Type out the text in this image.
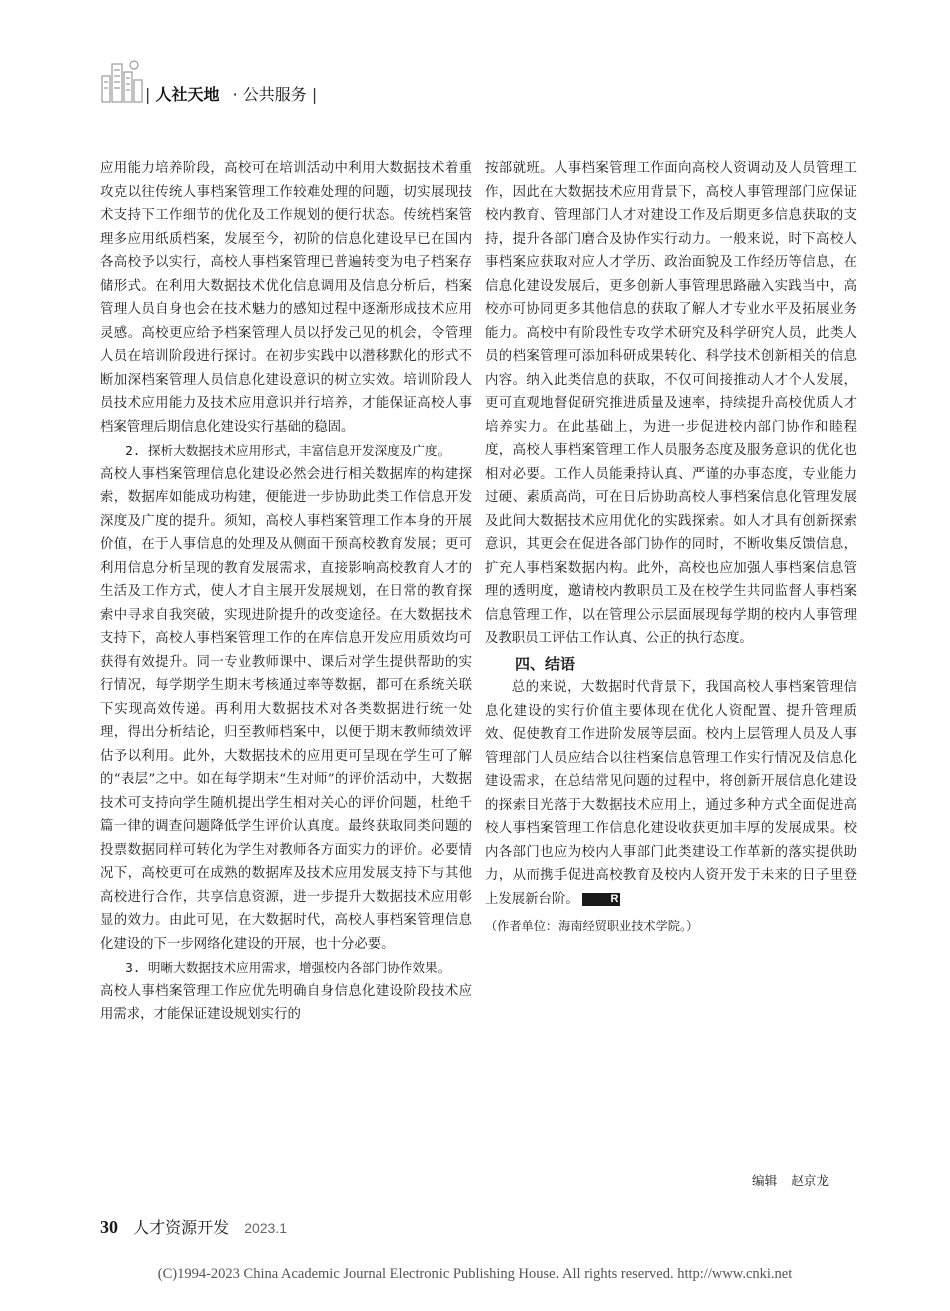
| 人社天地 · 公共服务 |

应用能力培养阶段，高校可在培训活动中利用大数据技术着重攻克以往传统人事档案管理工作较难处理的问题，切实展现技术支持下工作细节的优化及工作规划的便行状态。传统档案管理多应用纸质档案，发展至今，初阶的信息化建设早已在国内各高校予以实行，高校人事档案管理已普遍转变为电子档案存储形式。在利用大数据技术优化信息调用及信息分析后，档案管理人员自身也会在技术魅力的感知过程中逐渐形成技术应用灵感。高校更应给予档案管理人员以抒发己见的机会，令管理人员在培训阶段进行探讨。在初步实践中以潜移默化的形式不断加深档案管理人员信息化建设意识的树立实效。培训阶段人员技术应用能力及技术应用意识并行培养，才能保证高校人事档案管理后期信息化建设实行基础的稳固。

2. 探析大数据技术应用形式，丰富信息开发深度及广度。

高校人事档案管理信息化建设必然会进行相关数据库的构建探索，数据库如能成功构建，便能进一步协助此类工作信息开发深度及广度的提升。须知，高校人事档案管理工作本身的开展价值，在于人事信息的处理及从侧面干预高校教育发展；更可利用信息分析呈现的教育发展需求，直接影响高校教育人才的生活及工作方式，使人才自主展开发展规划，在日常的教育探索中寻求自我突破，实现进阶提升的改变途径。在大数据技术支持下，高校人事档案管理工作的在库信息开发应用质效均可获得有效提升。同一专业教师课中、课后对学生提供帮助的实行情况，每学期学生期末考核通过率等数据，都可在系统关联下实现高效传递。再利用大数据技术对各类数据进行统一处理，得出分析结论，归至教师档案中，以便于期末教师绩效评估予以利用。此外，大数据技术的应用更可呈现在学生可了解的“表层”之中。如在每学期末“生对师”的评价活动中，大数据技术可支持向学生随机提出学生相对关心的评价问题，杜绝千篇一律的调查问题降低学生评价认真度。最终获取同类问题的投票数据同样可转化为学生对教师各方面实力的评价。必要情况下，高校更可在成熟的数据库及技术应用发展支持下与其他高校进行合作，共享信息资源，进一步提升大数据技术应用彰显的效力。由此可见，在大数据时代，高校人事档案管理信息化建设的下一步网络化建设的开展，也十分必要。

3. 明晰大数据技术应用需求，增强校内各部门协作效果。

高校人事档案管理工作应优先明确自身信息化建设阶段技术应用需求，才能保证建设规划实行的

按部就班。人事档案管理工作面向高校人资调动及人员管理工作，因此在大数据技术应用背景下，高校人事管理部门应保证校内教育、管理部门人才对建设工作及后期更多信息获取的支持，提升各部门磨合及协作实行动力。一般来说，时下高校人事档案应获取对应人才学历、政治面貌及工作经历等信息，在信息化建设发展后，更多创新人事管理思路融入实践当中，高校亦可协同更多其他信息的获取了解人才专业水平及拓展业务能力。高校中有阶段性专攻学术研究及科学研究人员，此类人员的档案管理可添加科研成果转化、科学技术创新相关的信息内容。纳入此类信息的获取，不仅可间接推动人才个人发展，更可直观地督促研究推进质量及速率，持续提升高校优质人才培养实力。在此基础上，为进一步促进校内部门协作和睦程度，高校人事档案管理工作人员服务态度及服务意识的优化也相对必要。工作人员能秉持认真、严谨的办事态度，专业能力过硬、素质高尚，可在日后协助高校人事档案信息化管理发展及此间大数据技术应用优化的实践探索。如人才具有创新探索意识，其更会在促进各部门协作的同时，不断收集反馈信息，扩充人事档案数据内构。此外，高校也应加强人事档案信息管理的透明度，邀请校内教职员工及在校学生共同监督人事档案信息管理工作，以在管理公示层面展现每学期的校内人事管理及教职员工评估工作认真、公正的执行态度。

四、结语

总的来说，大数据时代背景下，我国高校人事档案管理信息化建设的实行价值主要体现在优化人资配置、提升管理质效、促使教育工作进阶发展等层面。校内上层管理人员及人事管理部门人员应结合以往档案信息管理工作实行情况及信息化建设需求，在总结常见问题的过程中，将创新开展信息化建设的探索目光落于大数据技术应用上，通过多种方式全面促进高校人事档案管理工作信息化建设收获更加丰厚的发展成果。校内各部门也应为校内人事部门此类建设工作革新的落实提供助力，从而携手促进高校教育及校内人资开发于未来的日子里登上发展新台阶。	R

（作者单位：海南经贸职业技术学院。）

编辑 赵京龙
30 人才资源开发 2023.1
(C)1994-2023 China Academic Journal Electronic Publishing House. All rights reserved. http://www.cnki.net
